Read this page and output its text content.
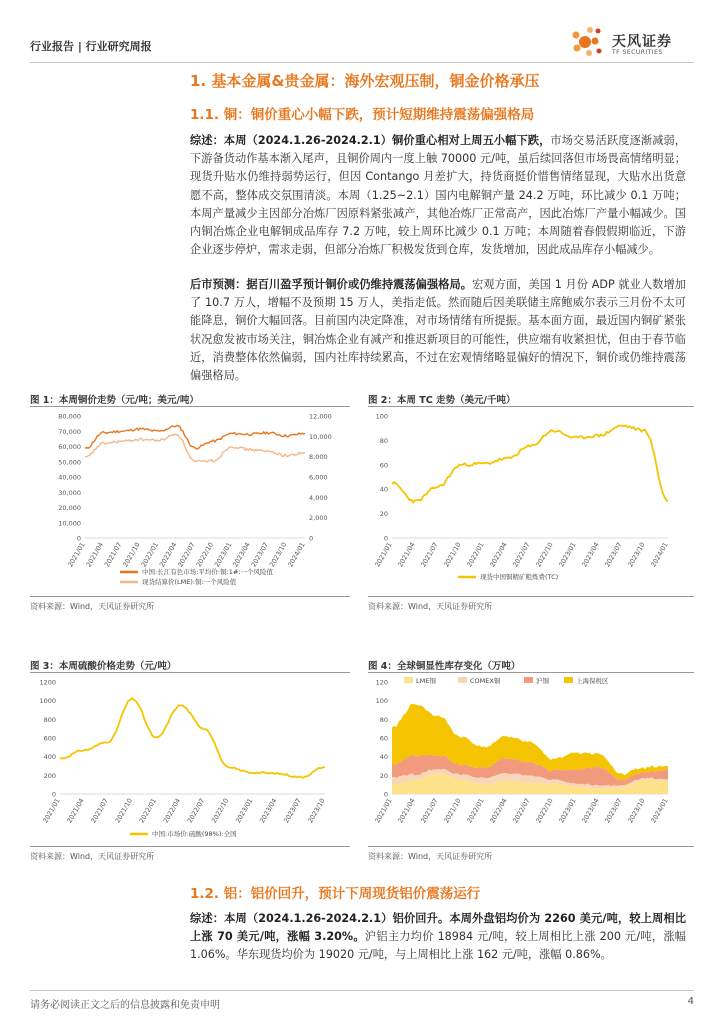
行业报告 | 行业研究周报	天风证券
TF SECURITIES
1. 基本金属&贵金属：海外宏观压制，铜金价格承压
1.1. 铜：铜价重心小幅下跌，预计短期维持震荡偏强格局
综述：本周（2024.1.26-2024.2.1）铜价重心相对上周五小幅下跌，市场交易活跃度逐渐减弱，下游备货动作基本渐入尾声，且铜价周内一度上触 70000 元/吨，虽后续回落但市场畏高情绪明显；现货升贴水仍维持弱势运行，但因 Contango 月差扩大，持货商挺价惜售情绪显现，大贴水出货意愿不高，整体成交氛围清淡。本周（1.25~2.1）国内电解铜产量 24.2 万吨，环比减少 0.1 万吨；本周产量减少主因部分冶炼厂因原料紧张减产，其他冶炼厂正常高产，因此冶炼厂产量小幅减少。国内铜冶炼企业电解铜成品库存 7.2 万吨，较上周环比减少 0.1 万吨；本周随着春假假期临近，下游企业逐步停炉，需求走弱，但部分冶炼厂积极发货到仓库，发货增加，因此成品库存小幅减少。
后市预测：据百川盈孚预计铜价或仍维持震荡偏强格局。宏观方面，美国 1 月份 ADP 就业人数增加了 10.7 万人，增幅不及预期 15 万人，美指走低。然而随后因美联储主席鲍威尔表示三月份不太可能降息，铜价大幅回落。目前国内决定降准，对市场情绪有所提振。基本面方面，最近国内铜矿紧张状况愈发被市场关注，铜冶炼企业有减产和推迟新项目的可能性，供应端有收紧担忧，但由于春节临近，消费整体依然偏弱，国内社库持续累高，不过在宏观情绪略显偏好的情况下，铜价或仍维持震荡偏强格局。
图 1：本周铜价走势（元/吨；美元/吨）
80,000
70,000
60,000
50,000
40,000
30,000
20,000
10,000
0
12,000
10,000
8,000
6,000
4,000
2,000
0
2021/01
2021/04
2021/07
2021/10
2022/01
2022/04
2022/07
2022/10
2023/01
2023/04
2023/07
2023/10
2024/01
中国:长江有色市场:平均价:铜:1#:一个风险值
现货结算价(LME):铜:一个风险值
资料来源：Wind，天风证券研究所
图 2：本周 TC 走势（美元/千吨）
100
80
60
40
20
0
2021/01 2021/04 2021/07 2021/10 2022/01 2022/04 2022/07 2022/10 2023/01 2023/04 2023/07 2023/10 2024/01
现货中国铜精矿粗炼费(TC)
资料来源：Wind，天风证券研究所
图 3：本周硫酸价格走势（元/吨）
1200
1000
800
600
400
200
0
2021/01 2021/04 2021/07 2021/10 2022/01 2022/04 2022/07 2022/10 2023/01 2023/04 2023/07 2023/10
中国:市场价:硫酸(98%):全国
资料来源：Wind，天风证券研究所
图 4：全球铜显性库存变化（万吨）
120
100
80
60
40
20
0
2021/01 2021/04 2021/07 2021/10 2022/01 2022/04 2022/07 2022/10 2023/01 2023/04 2023/07 2023/10 2024/01
LME铜	COMEX铜	沪铜	上海保税区
资料来源：Wind，天风证券研究所
1.2. 铝：铝价回升，预计下周现货铝价震荡运行
综述：本周（2024.1.26-2024.2.1）铝价回升。本周外盘铝均价为 2260 美元/吨，较上周相比上涨 70 美元/吨，涨幅 3.20%。沪铝主力均价 18984 元/吨，较上周相比上涨 200 元/吨，涨幅 1.06%。华东现货均价为 19020 元/吨，与上周相比上涨 162 元/吨，涨幅 0.86%。
请务必阅读正文之后的信息披露和免责申明	4
